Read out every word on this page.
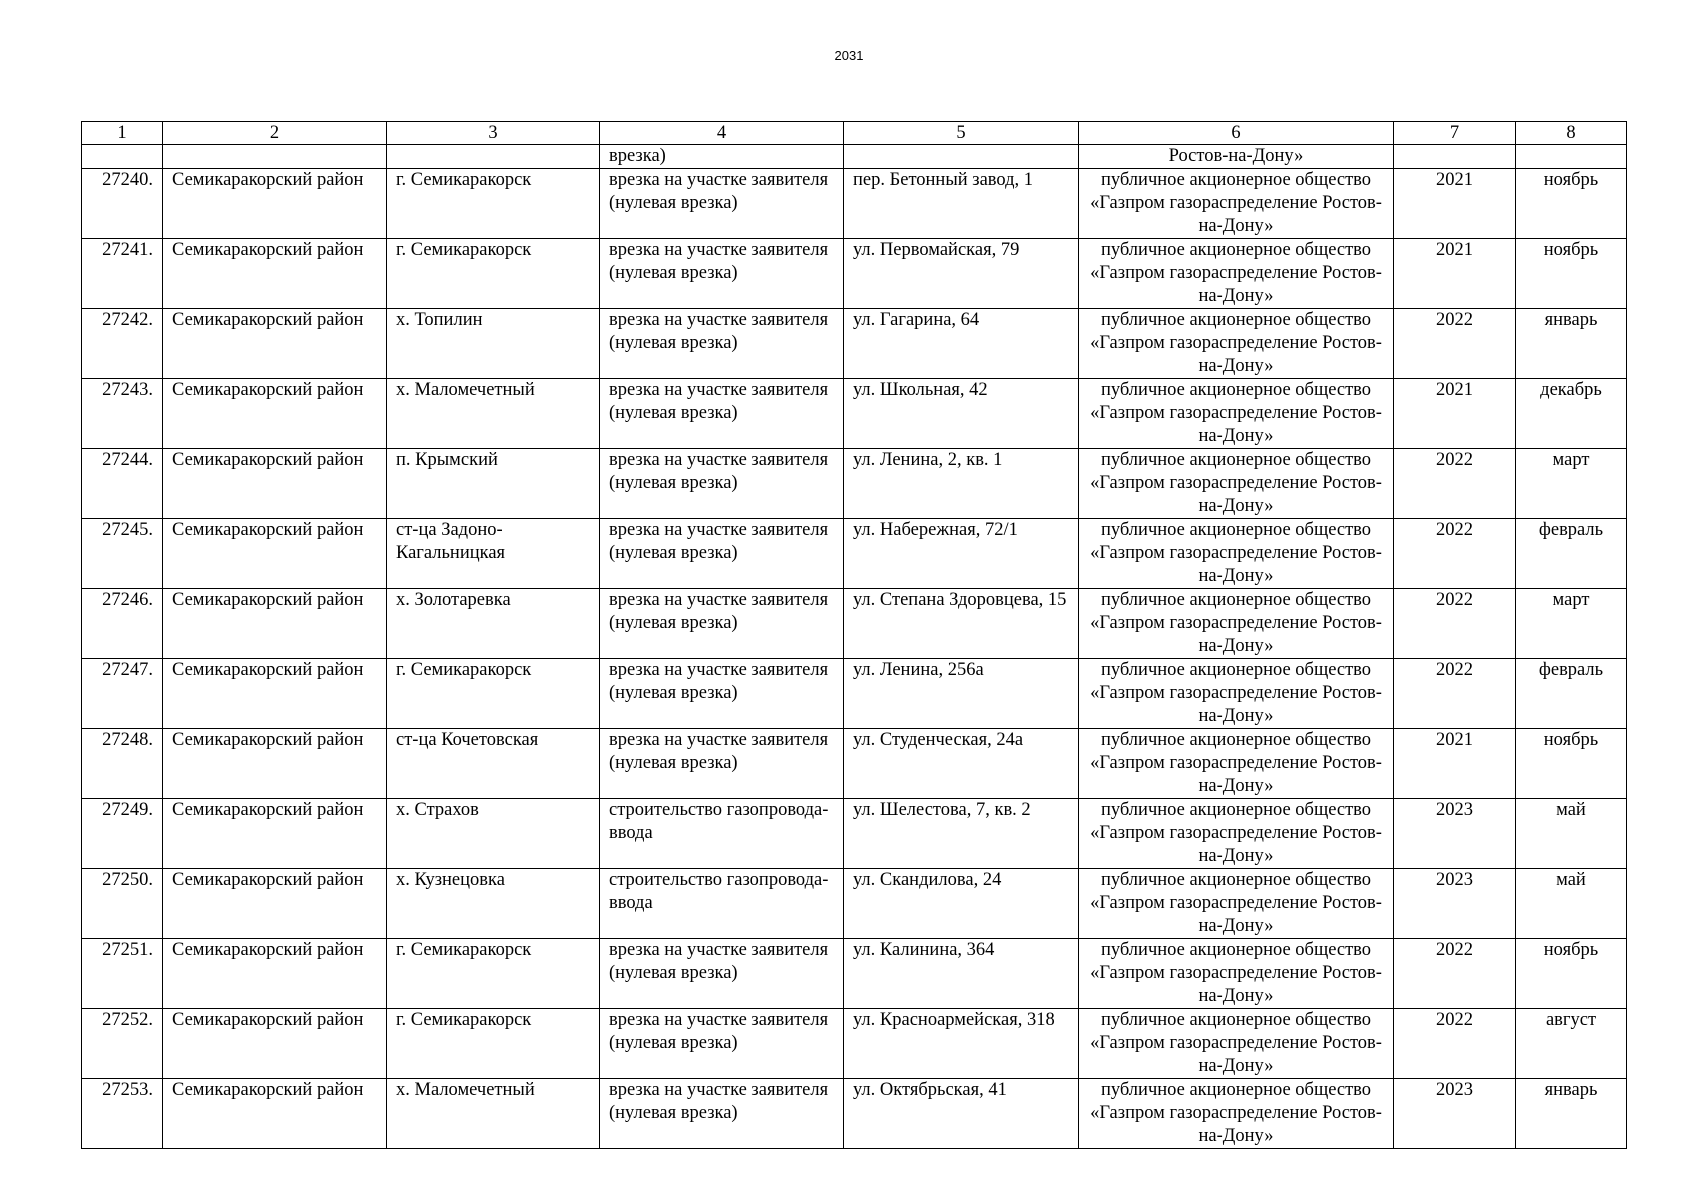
2031
1	2	3	4	5	6	7	8
			врезка)		Ростов-на-Дону»		
27240.	Семикаракорский район	г. Семикаракорск	врезка на участке заявителя (нулевая врезка)	пер. Бетонный завод, 1	публичное акционерное общество «Газпром газораспределение Ростов-на-Дону»	2021	ноябрь
27241.	Семикаракорский район	г. Семикаракорск	врезка на участке заявителя (нулевая врезка)	ул. Первомайская, 79	публичное акционерное общество «Газпром газораспределение Ростов-на-Дону»	2021	ноябрь
27242.	Семикаракорский район	х. Топилин	врезка на участке заявителя (нулевая врезка)	ул. Гагарина, 64	публичное акционерное общество «Газпром газораспределение Ростов-на-Дону»	2022	январь
27243.	Семикаракорский район	х. Маломечетный	врезка на участке заявителя (нулевая врезка)	ул. Школьная, 42	публичное акционерное общество «Газпром газораспределение Ростов-на-Дону»	2021	декабрь
27244.	Семикаракорский район	п. Крымский	врезка на участке заявителя (нулевая врезка)	ул. Ленина, 2, кв. 1	публичное акционерное общество «Газпром газораспределение Ростов-на-Дону»	2022	март
27245.	Семикаракорский район	ст-ца Задоно-Кагальницкая	врезка на участке заявителя (нулевая врезка)	ул. Набережная, 72/1	публичное акционерное общество «Газпром газораспределение Ростов-на-Дону»	2022	февраль
27246.	Семикаракорский район	х. Золотаревка	врезка на участке заявителя (нулевая врезка)	ул. Степана Здоровцева, 15	публичное акционерное общество «Газпром газораспределение Ростов-на-Дону»	2022	март
27247.	Семикаракорский район	г. Семикаракорск	врезка на участке заявителя (нулевая врезка)	ул. Ленина, 256а	публичное акционерное общество «Газпром газораспределение Ростов-на-Дону»	2022	февраль
27248.	Семикаракорский район	ст-ца Кочетовская	врезка на участке заявителя (нулевая врезка)	ул. Студенческая, 24а	публичное акционерное общество «Газпром газораспределение Ростов-на-Дону»	2021	ноябрь
27249.	Семикаракорский район	х. Страхов	строительство газопровода-ввода	ул. Шелестова, 7, кв. 2	публичное акционерное общество «Газпром газораспределение Ростов-на-Дону»	2023	май
27250.	Семикаракорский район	х. Кузнецовка	строительство газопровода-ввода	ул. Скандилова, 24	публичное акционерное общество «Газпром газораспределение Ростов-на-Дону»	2023	май
27251.	Семикаракорский район	г. Семикаракорск	врезка на участке заявителя (нулевая врезка)	ул. Калинина, 364	публичное акционерное общество «Газпром газораспределение Ростов-на-Дону»	2022	ноябрь
27252.	Семикаракорский район	г. Семикаракорск	врезка на участке заявителя (нулевая врезка)	ул. Красноармейская, 318	публичное акционерное общество «Газпром газораспределение Ростов-на-Дону»	2022	август
27253.	Семикаракорский район	х. Маломечетный	врезка на участке заявителя (нулевая врезка)	ул. Октябрьская, 41	публичное акционерное общество «Газпром газораспределение Ростов-на-Дону»	2023	январь
